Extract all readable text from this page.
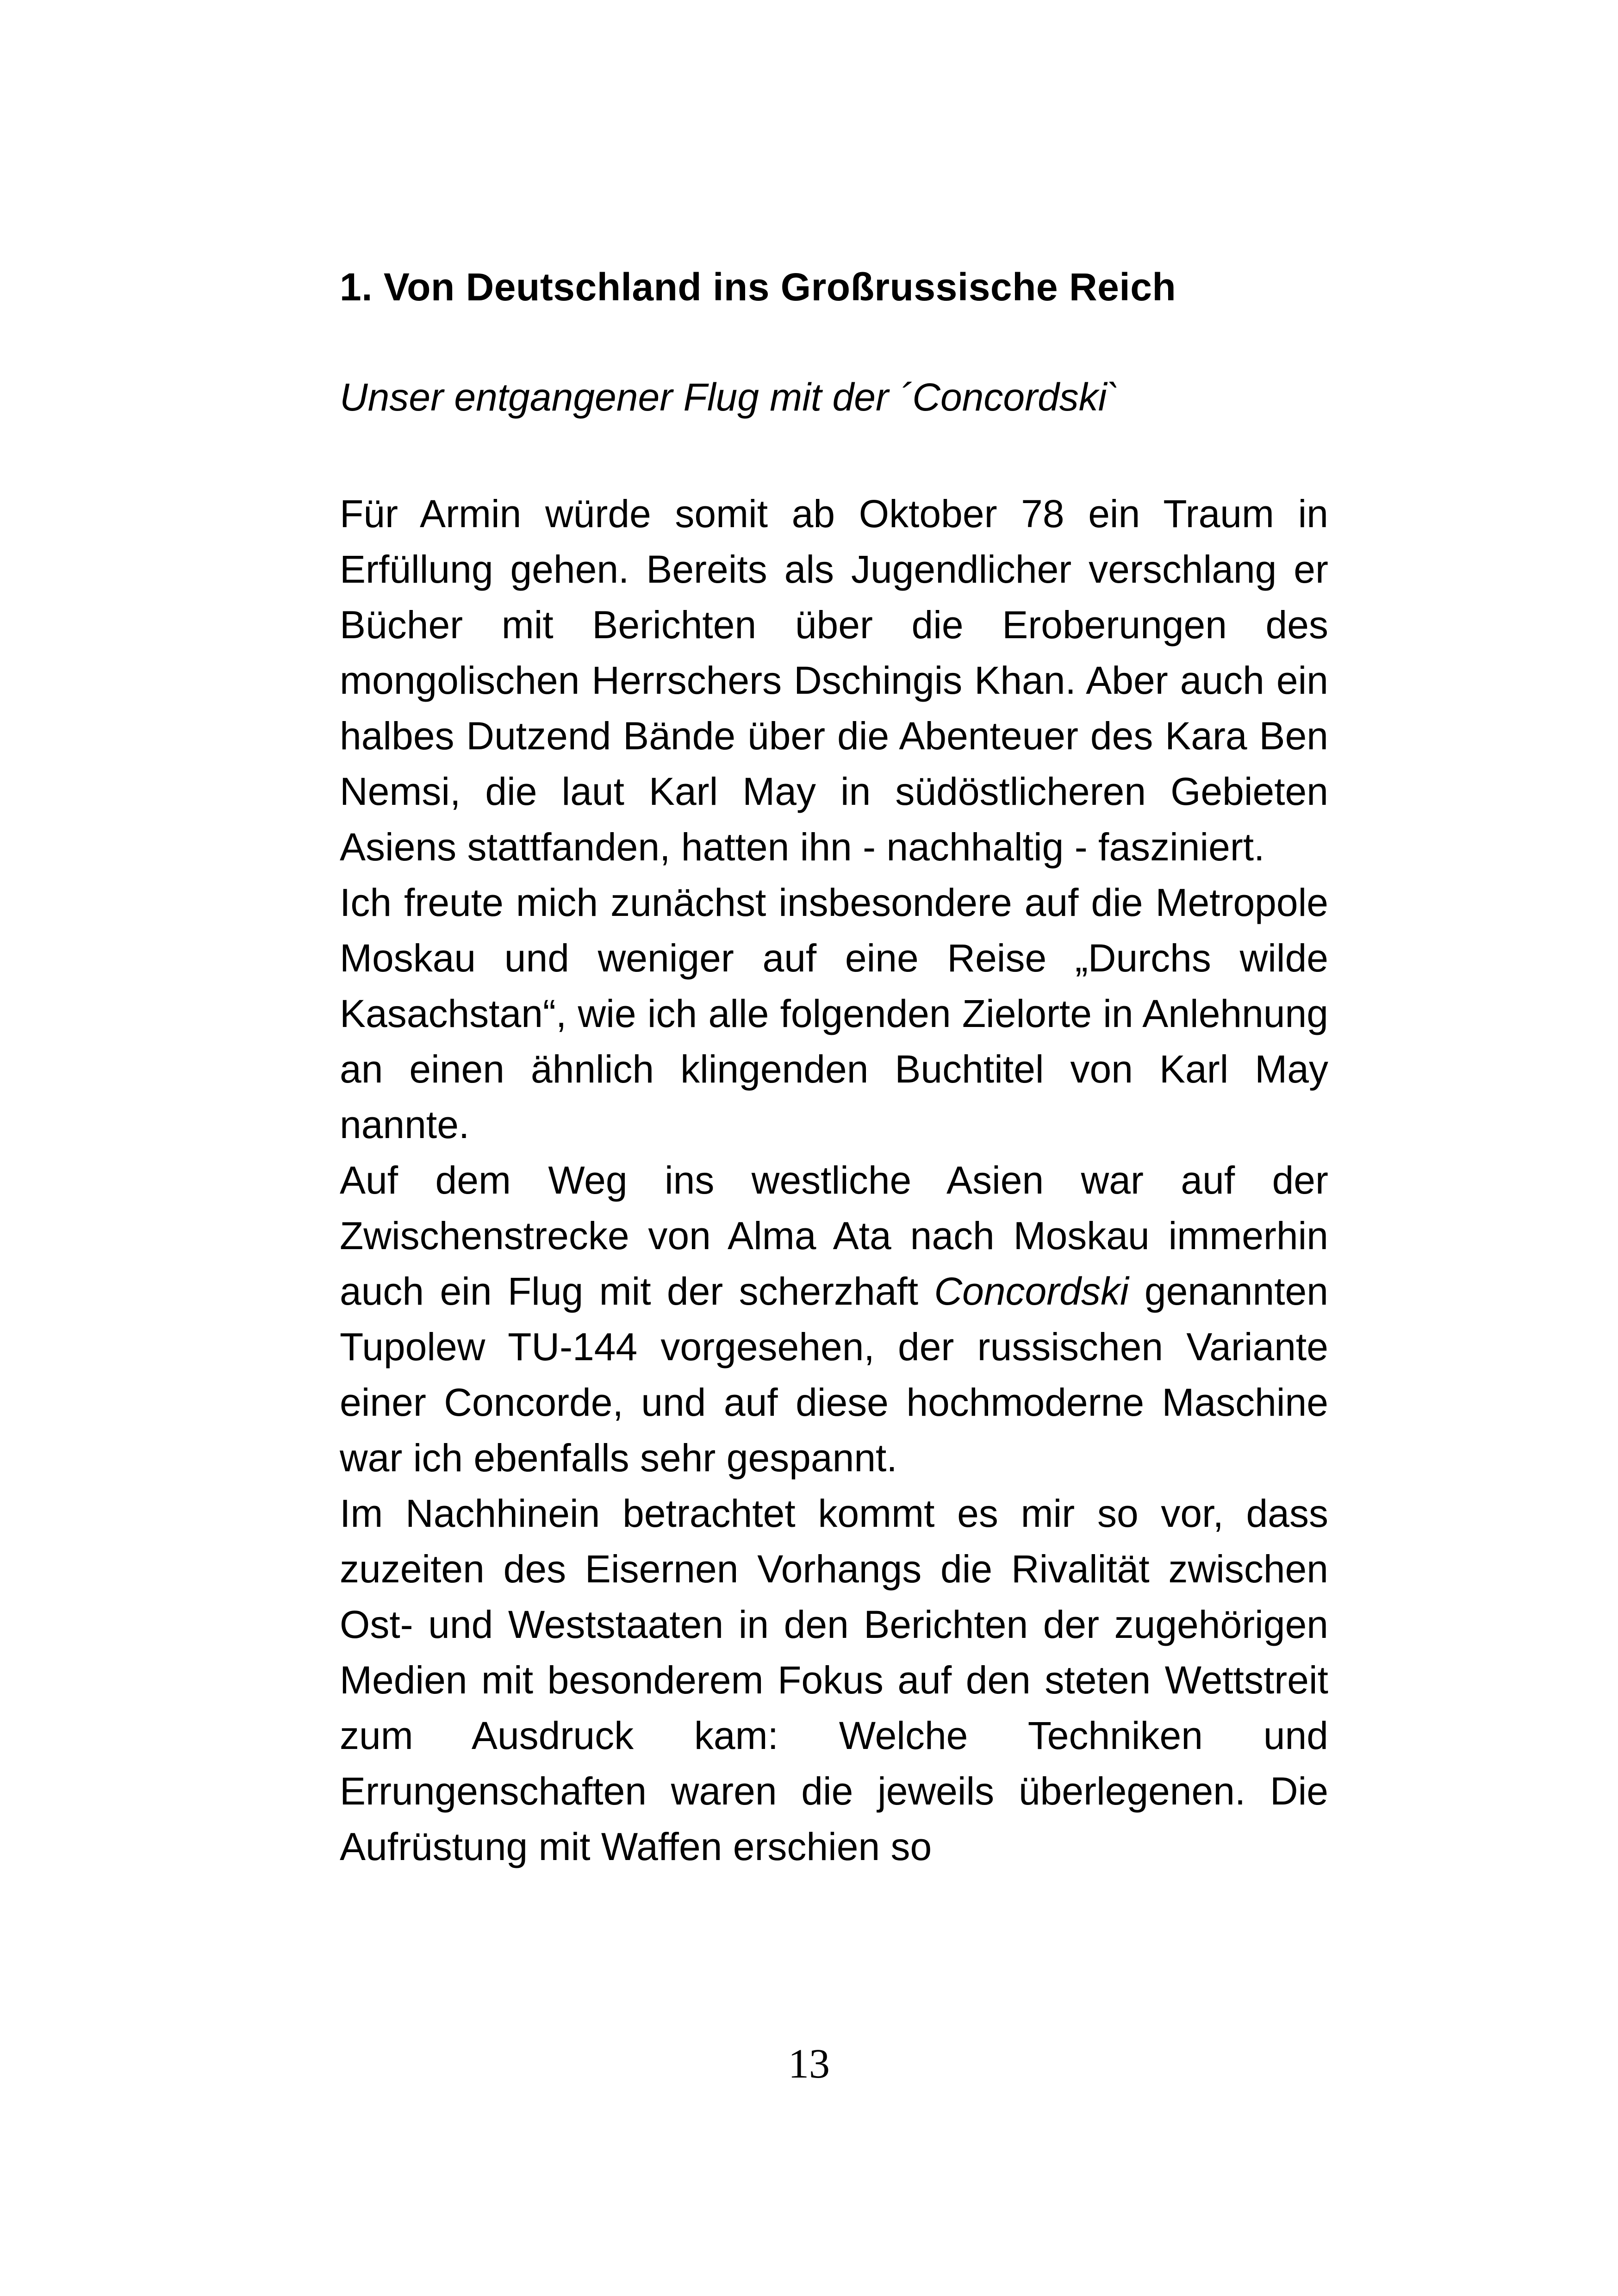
1. Von Deutschland ins Großrussische Reich

Unser entgangener Flug mit der ´Concordski`

Für Armin würde somit ab Oktober 78 ein Traum in Erfüllung gehen. Bereits als Jugendlicher verschlang er Bücher mit Berichten über die Eroberungen des mongolischen Herrschers Dschingis Khan. Aber auch ein halbes Dutzend Bände über die Abenteuer des Kara Ben Nemsi, die laut Karl May in südöstlicheren Gebieten Asiens stattfanden, hatten ihn - nachhaltig - fasziniert.

Ich freute mich zunächst insbesondere auf die Metropole Moskau und weniger auf eine Reise „Durchs wilde Kasachstan“, wie ich alle folgenden Zielorte in Anlehnung an einen ähnlich klingenden Buchtitel von Karl May nannte.

Auf dem Weg ins westliche Asien war auf der Zwischenstrecke von Alma Ata nach Moskau immerhin auch ein Flug mit der scherzhaft Concordski genannten Tupolew TU-144 vorgesehen, der russischen Variante einer Concorde, und auf diese hochmoderne Maschine war ich ebenfalls sehr gespannt.

Im Nachhinein betrachtet kommt es mir so vor, dass zuzeiten des Eisernen Vorhangs die Rivalität zwischen Ost- und Weststaaten in den Berichten der zugehörigen Medien mit besonderem Fokus auf den steten Wettstreit zum Ausdruck kam: Welche Techniken und Errungenschaften waren die jeweils überlegenen. Die Aufrüstung mit Waffen erschien so

13
